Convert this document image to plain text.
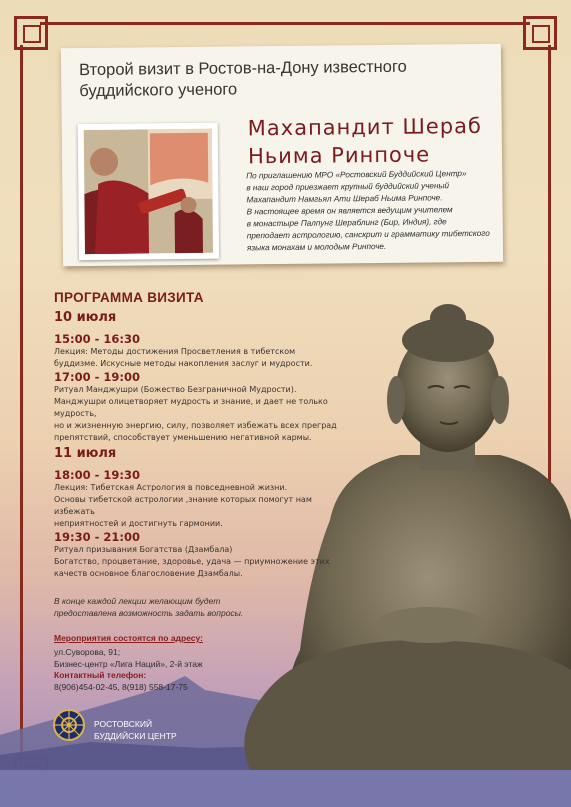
Второй визит в Ростов-на-Дону известного
буддийского ученого
Махапандит Шераб
Ньима Ринпоче
По приглашению МРО «Ростовский Буддийский Центр»
в наш город приезжает крупный буддийский ученый
Махапандит Намгьял Ати Шераб Ньима Ринпоче.
В настоящее время он является ведущим учителем
в монастыре Палпунг Шераблинг (Бир, Индия), где
преподает астрологию, санскрит и грамматику тибетского
языка монахам и молодым Ринпоче.
ПРОГРАММА ВИЗИТА
10 июля
15:00 - 16:30
Лекция: Методы достижения Просветления в тибетском
буддизме. Искусные методы накопления заслуг и мудрости.
17:00 - 19:00
Ритуал Манджушри (Божество Безграничной Мудрости).
Манджушри олицетворяет мудрость и знание, и дает не только мудрость,
но и жизненную энергию, силу, позволяет избежать всех преград
препятствий, способствует уменьшению негативной кармы.
11 июля
18:00 - 19:30
Лекция: Тибетская Астрология в повседневной жизни.
Основы тибетской астрологии ,знание которых помогут нам избежать
неприятностей и достигнуть гармонии.
19:30 - 21:00
Ритуал призывания Богатства (Дзамбала)
Богатство, процветание, здоровье, удача — приумножение этих
качеств основное благословение Дзамбалы.
В конце каждой лекции желающим будет
предоставлена возможность задать вопросы.
Мероприятия состоятся по адресу:
ул.Суворова, 91;
Бизнес-центр «Лига Наций», 2-й этаж
Контактный телефон:
8(906)454-02-45, 8(918) 558-17-75
РОСТОВСКИЙ
БУДДИЙСКИ ЦЕНТР
